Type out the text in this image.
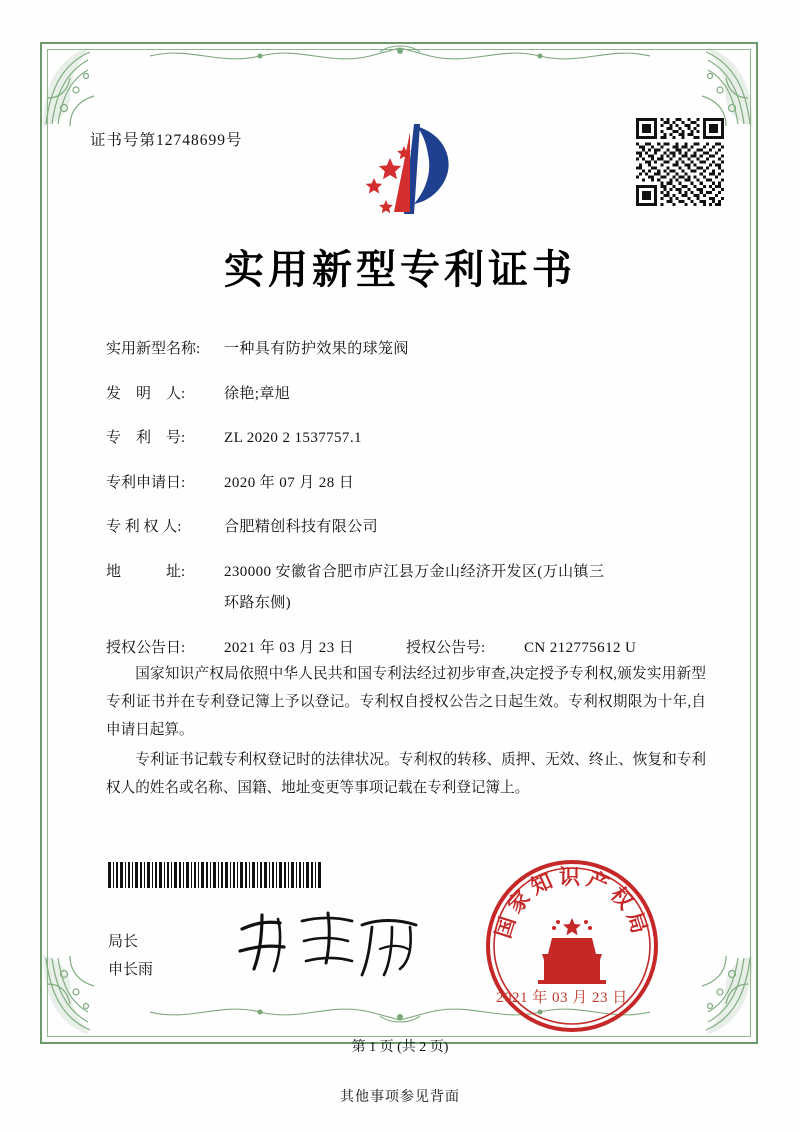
证书号第12748699号
实用新型专利证书
实用新型名称:	一种具有防护效果的球笼阀
发　明　人:	徐艳;章旭
专　利　号:	ZL 2020 2 1537757.1
专利申请日:	2020 年 07 月 28 日
专 利 权 人:	合肥精创科技有限公司
地　　　址:	230000 安徽省合肥市庐江县万金山经济开发区(万山镇三
环路东侧)
授权公告日:	2021 年 03 月 23 日	授权公告号:	CN 212775612 U

国家知识产权局依照中华人民共和国专利法经过初步审查,决定授予专利权,颁发实用新型专利证书并在专利登记簿上予以登记。专利权自授权公告之日起生效。专利权期限为十年,自申请日起算。

专利证书记载专利权登记时的法律状况。专利权的转移、质押、无效、终止、恢复和专利权人的姓名或名称、国籍、地址变更等事项记载在专利登记簿上。

局长
申长雨
国家知识产权局
2021 年 03 月 23 日
第 1 页 (共 2 页)
其他事项参见背面
